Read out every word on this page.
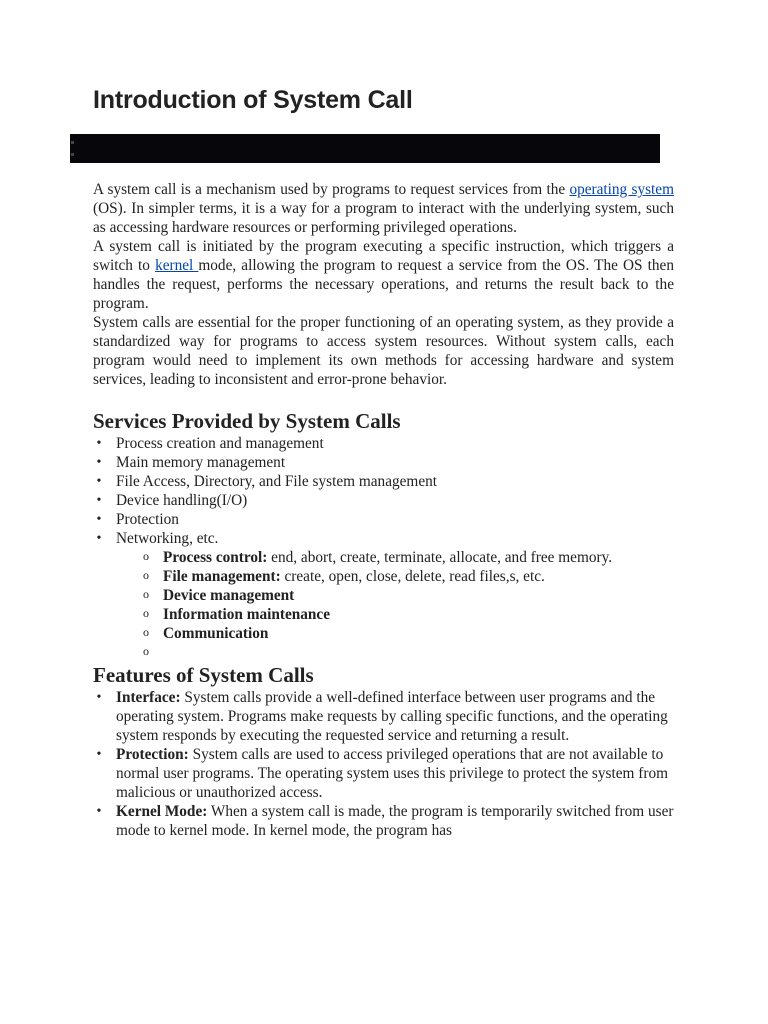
Introduction of System Call

A system call is a mechanism used by programs to request services from the operating system (OS). In simpler terms, it is a way for a program to interact with the underlying system, such as accessing hardware resources or performing privileged operations.

A system call is initiated by the program executing a specific instruction, which triggers a switch to kernel mode, allowing the program to request a service from the OS. The OS then handles the request, performs the necessary operations, and returns the result back to the program.

System calls are essential for the proper functioning of an operating system, as they provide a standardized way for programs to access system resources. Without system calls, each program would need to implement its own methods for accessing hardware and system services, leading to inconsistent and error-prone behavior.

Services Provided by System Calls
• Process creation and management
• Main memory management
• File Access, Directory, and File system management
• Device handling(I/O)
• Protection
• Networking, etc.
o Process control: end, abort, create, terminate, allocate, and free memory.
o File management: create, open, close, delete, read files,s, etc.
o Device management
o Information maintenance
o Communication
o
Features of System Calls
• Interface: System calls provide a well-defined interface between user programs and the operating system. Programs make requests by calling specific functions, and the operating system responds by executing the requested service and returning a result.
• Protection: System calls are used to access privileged operations that are not available to normal user programs. The operating system uses this privilege to protect the system from malicious or unauthorized access.
• Kernel Mode: When a system call is made, the program is temporarily switched from user mode to kernel mode. In kernel mode, the program has
